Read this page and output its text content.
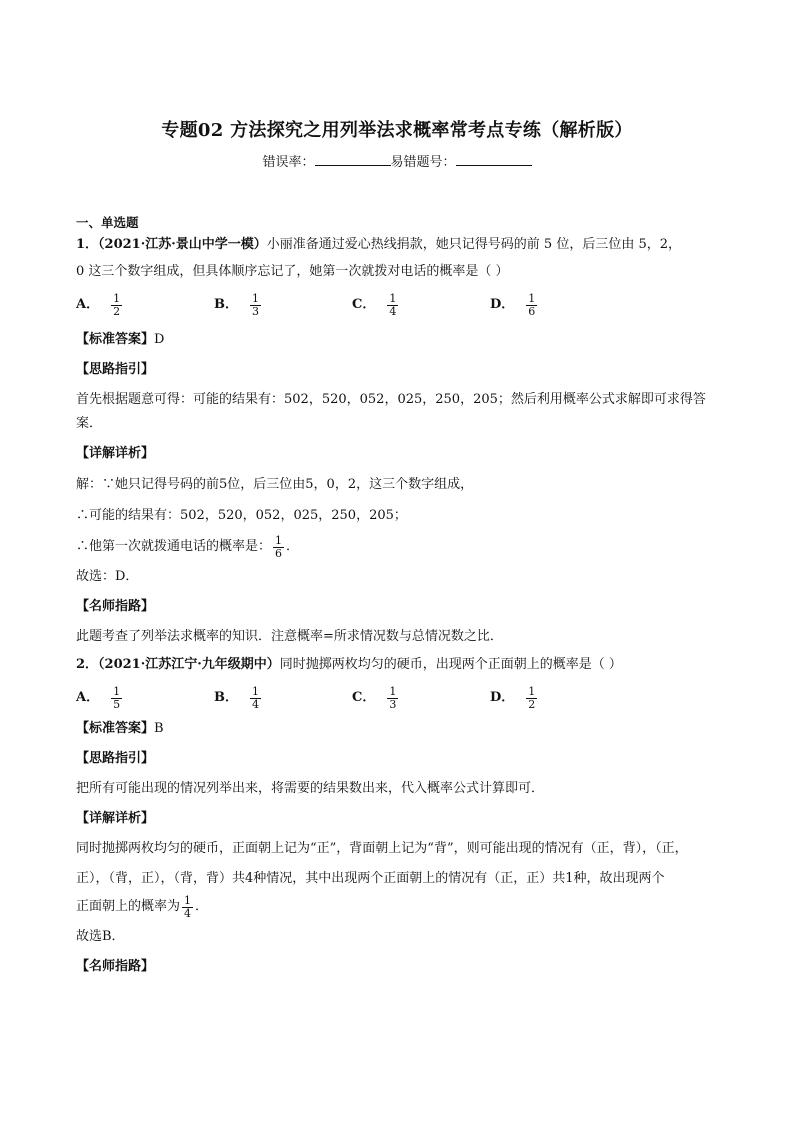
专题02 方法探究之用列举法求概率常考点专练（解析版）
错误率：	易错题号：
一、单选题

1．（2021·江苏·景山中学一模）小丽准备通过爱心热线捐款，她只记得号码的前 5 位，后三位由 5，2，

0 这三个数字组成，但具体顺序忘记了，她第一次就拨对电话的概率是（ ）

A． $\frac{1}{2}$	B． $\frac{1}{3}$	C． $\frac{1}{4}$	D． $\frac{1}{6}$

【标准答案】D

【思路指引】

首先根据题意可得：可能的结果有：502，520，052，025，250，205；然后利用概率公式求解即可求得答

案．

【详解详析】

解：∵她只记得号码的前5位，后三位由5，0，2，这三个数字组成，

∴可能的结果有：502，520，052，025，250，205；

∴他第一次就拨通电话的概率是： $\frac{1}{6}$ ．

故选：D．

【名师指路】

此题考查了列举法求概率的知识．注意概率=所求情况数与总情况数之比．

2．（2021·江苏江宁·九年级期中）同时抛掷两枚均匀的硬币，出现两个正面朝上的概率是（ ）

A． $\frac{1}{5}$	B． $\frac{1}{4}$	C． $\frac{1}{3}$	D． $\frac{1}{2}$

【标准答案】B

【思路指引】

把所有可能出现的情况列举出来，将需要的结果数出来，代入概率公式计算即可．

【详解详析】

同时抛掷两枚均匀的硬币，正面朝上记为“正”，背面朝上记为“背”，则可能出现的情况有（正，背），（正，

正），（背，正），（背，背）共4种情况，其中出现两个正面朝上的情况有（正，正）共1种，故出现两个

正面朝上的概率为 $\frac{1}{4}$ ．

故选B．

【名师指路】
